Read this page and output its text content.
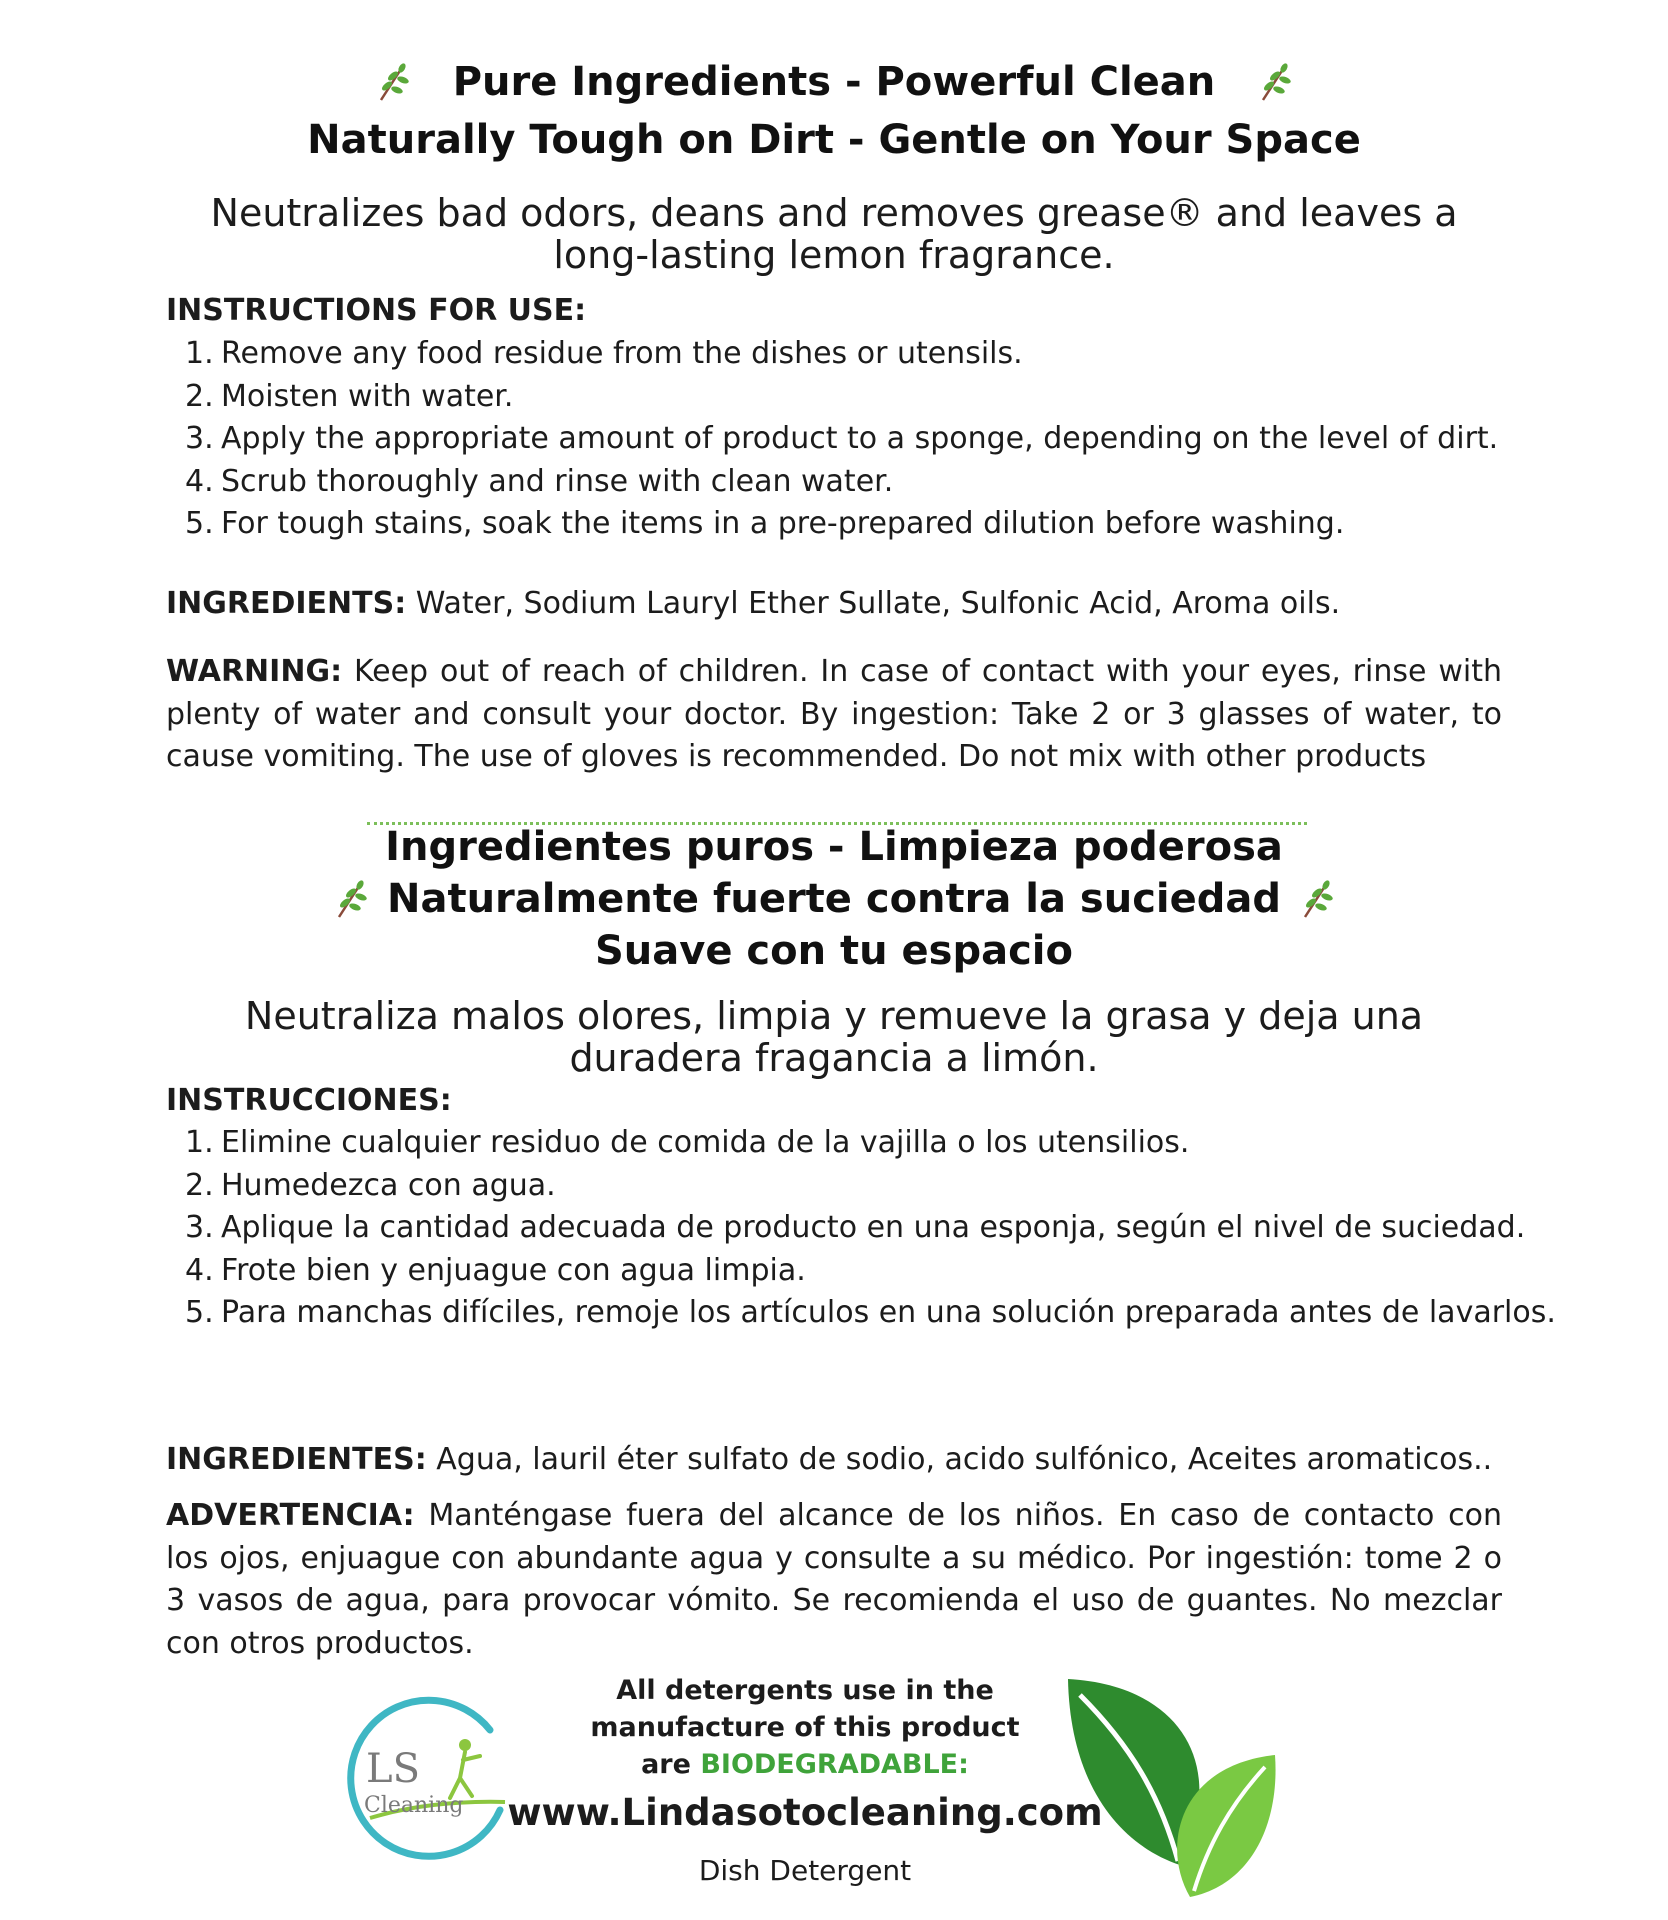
Pure Ingredients - Powerful Clean
Naturally Tough on Dirt - Gentle on Your Space
Neutralizes bad odors, deans and removes grease® and leaves a long-lasting lemon fragrance.
INSTRUCTIONS FOR USE:
Remove any food residue from the dishes or utensils.
Moisten with water.
Apply the appropriate amount of product to a sponge, depending on the level of dirt.
Scrub thoroughly and rinse with clean water.
For tough stains, soak the items in a pre-prepared dilution before washing.

INGREDIENTS: Water, Sodium Lauryl Ether Sullate, Sulfonic Acid, Aroma oils.

WARNING: Keep out of reach of children. In case of contact with your eyes, rinse with plenty of water and consult your doctor. By ingestion: Take 2 or 3 glasses of water, to cause vomiting. The use of gloves is recommended. Do not mix with other products

Ingredientes puros - Limpieza poderosa
Naturalmente fuerte contra la suciedad
Suave con tu espacio
Neutraliza malos olores, limpia y remueve la grasa y deja una duradera fragancia a limón.
INSTRUCCIONES:
Elimine cualquier residuo de comida de la vajilla o los utensilios.
Humedezca con agua.
Aplique la cantidad adecuada de producto en una esponja, según el nivel de suciedad.
Frote bien y enjuague con agua limpia.
Para manchas difíciles, remoje los artículos en una solución preparada antes de lavarlos.

INGREDIENTES: Agua, lauril éter sulfato de sodio, acido sulfónico, Aceites aromaticos..

ADVERTENCIA: Manténgase fuera del alcance de los niños. En caso de contacto con los ojos, enjuague con abundante agua y consulte a su médico. Por ingestión: tome 2 o 3 vasos de agua, para provocar vómito. Se recomienda el uso de guantes. No mezclar con otros productos.

LS
Cleaning
All detergents use in the
manufacture of this product
are BIODEGRADABLE:
www.Lindasotocleaning.com
Dish Detergent
